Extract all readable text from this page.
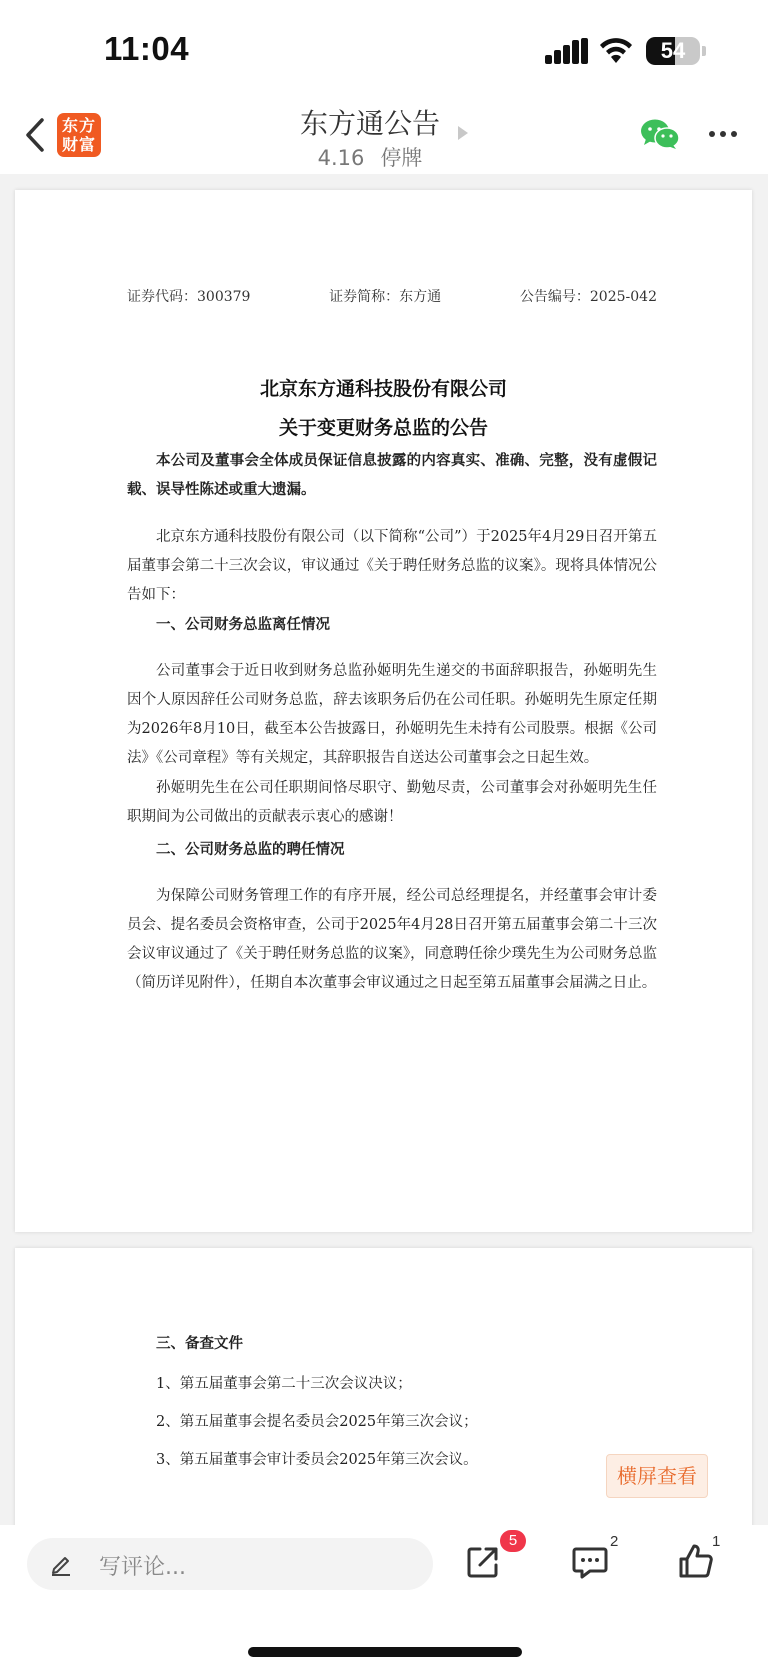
11:04	54
东方
财富
东方通公告
4.16 停牌
证券代码：300379	证券简称：东方通	公告编号：2025-042
北京东方通科技股份有限公司
关于变更财务总监的公告
本公司及董事会全体成员保证信息披露的内容真实、准确、完整，没有虚假记载、误导性陈述或重大遗漏。
北京东方通科技股份有限公司（以下简称“公司”）于2025年4月29日召开第五届董事会第二十三次会议，审议通过《关于聘任财务总监的议案》。现将具体情况公告如下：
一、公司财务总监离任情况
公司董事会于近日收到财务总监孙姬明先生递交的书面辞职报告，孙姬明先生因个人原因辞任公司财务总监，辞去该职务后仍在公司任职。孙姬明先生原定任期为2026年8月10日，截至本公告披露日，孙姬明先生未持有公司股票。根据《公司法》《公司章程》等有关规定，其辞职报告自送达公司董事会之日起生效。
孙姬明先生在公司任职期间恪尽职守、勤勉尽责，公司董事会对孙姬明先生任职期间为公司做出的贡献表示衷心的感谢！
二、公司财务总监的聘任情况
为保障公司财务管理工作的有序开展，经公司总经理提名，并经董事会审计委员会、提名委员会资格审查，公司于2025年4月28日召开第五届董事会第二十三次会议审议通过了《关于聘任财务总监的议案》，同意聘任徐少璞先生为公司财务总监（简历详见附件），任期自本次董事会审议通过之日起至第五届董事会届满之日止。
三、备查文件
1、第五届董事会第二十三次会议决议；
2、第五届董事会提名委员会2025年第三次会议；
3、第五届董事会审计委员会2025年第三次会议。
横屏查看
写评论...
5	2	1
